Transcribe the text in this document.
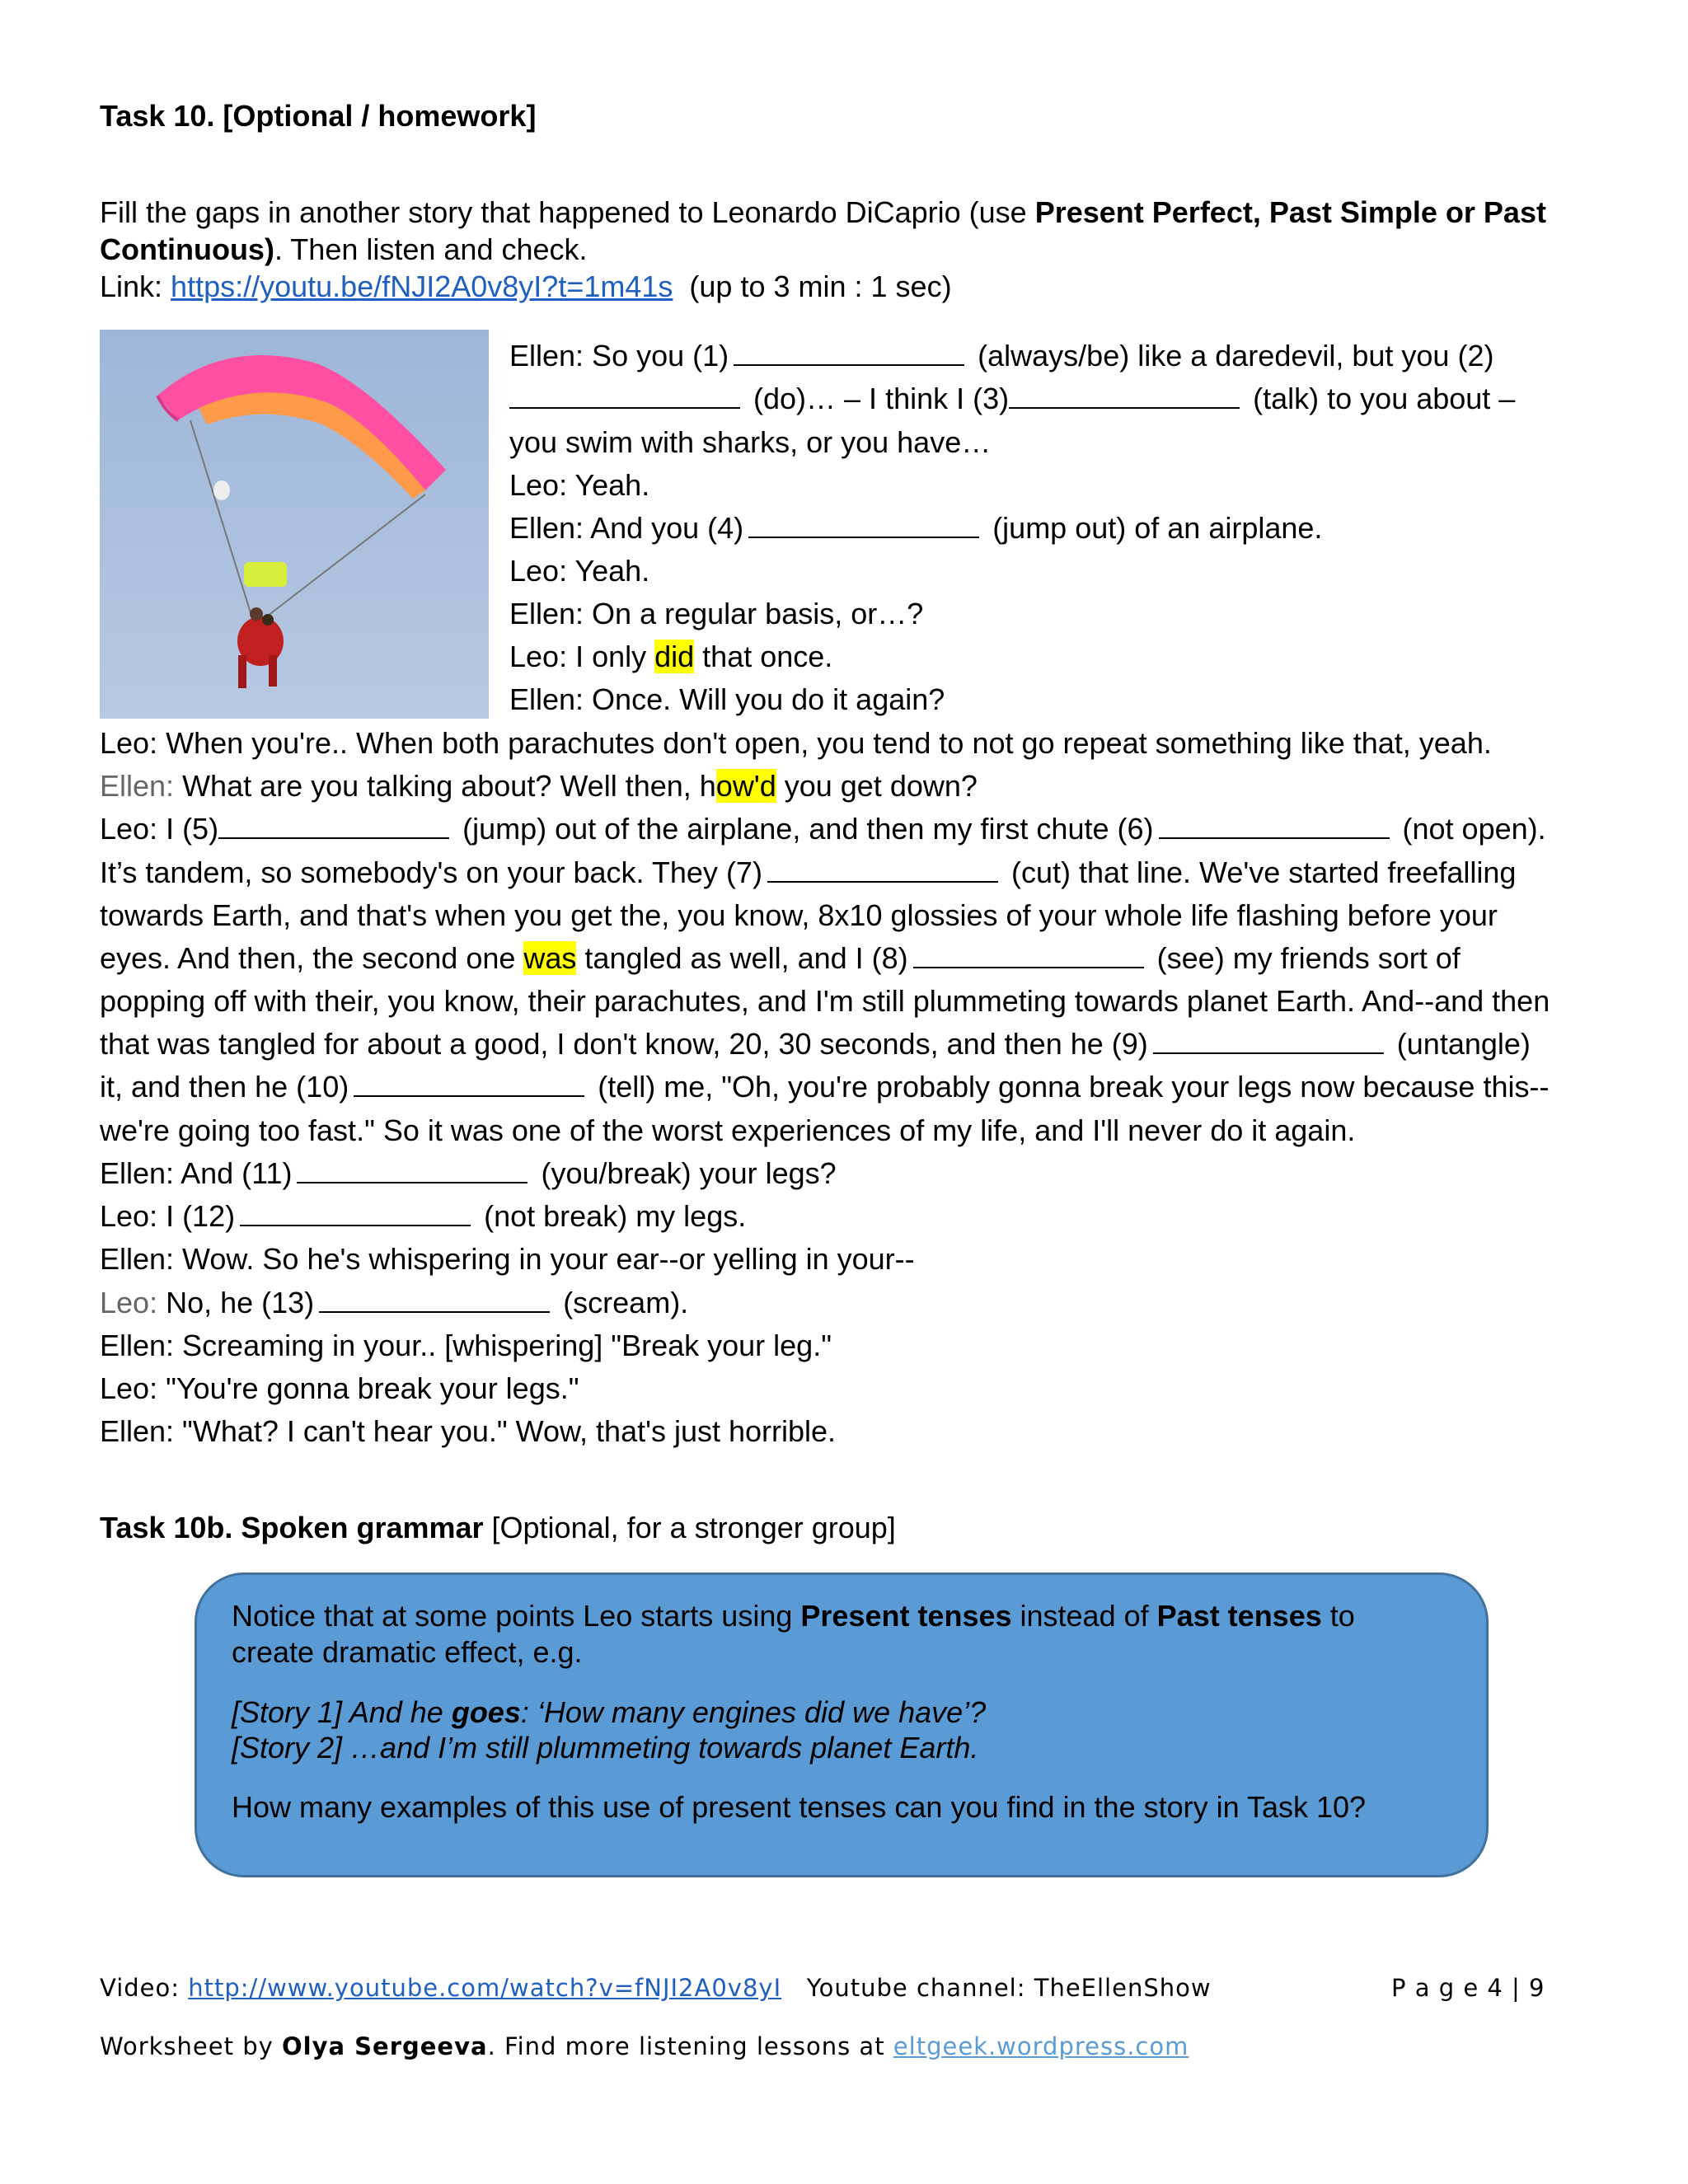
Task 10. [Optional / homework]
Fill the gaps in another story that happened to Leonardo DiCaprio (use Present Perfect, Past Simple or Past
Continuous). Then listen and check.
Link: https://youtu.be/fNJI2A0v8yI?t=1m41s (up to 3 min : 1 sec)
Ellen: So you (1)	(always/be) like a daredevil, but you (2)
(do)… – I think I (3)	(talk) to you about –
you swim with sharks, or you have…
Leo: Yeah.
Ellen: And you (4)	(jump out) of an airplane.
Leo: Yeah.
Ellen: On a regular basis, or…?
Leo: I only did that once.
Ellen: Once. Will you do it again?
Leo: When you're.. When both parachutes don't open, you tend to not go repeat something like that, yeah.
Ellen: What are you talking about? Well then, how'd you get down?
Leo: I (5)	(jump) out of the airplane, and then my first chute (6)	(not open).
It’s tandem, so somebody's on your back. They (7)	(cut) that line. We've started freefalling
towards Earth, and that's when you get the, you know, 8x10 glossies of your whole life flashing before your
eyes. And then, the second one was tangled as well, and I (8)	(see) my friends sort of
popping off with their, you know, their parachutes, and I'm still plummeting towards planet Earth. And--and then
that was tangled for about a good, I don't know, 20, 30 seconds, and then he (9)	(untangle)
it, and then he (10)	(tell) me, "Oh, you're probably gonna break your legs now because this--
we're going too fast." So it was one of the worst experiences of my life, and I'll never do it again.
Ellen: And (11)	(you/break) your legs?
Leo: I (12)	(not break) my legs.
Ellen: Wow. So he's whispering in your ear--or yelling in your--
Leo: No, he (13)	(scream).
Ellen: Screaming in your.. [whispering] "Break your leg."
Leo: "You're gonna break your legs."
Ellen: "What? I can't hear you." Wow, that's just horrible.
Task 10b. Spoken grammar [Optional, for a stronger group]
Notice that at some points Leo starts using Present tenses instead of Past tenses to
create dramatic effect, e.g.
[Story 1] And he goes: ‘How many engines did we have’?
[Story 2] …and I’m still plummeting towards planet Earth.
How many examples of this use of present tenses can you find in the story in Task 10?
Video: http://www.youtube.com/watch?v=fNJI2A0v8yI Youtube channel: TheEllenShow	P a g e 4 | 9
Worksheet by Olya Sergeeva. Find more listening lessons at eltgeek.wordpress.com
